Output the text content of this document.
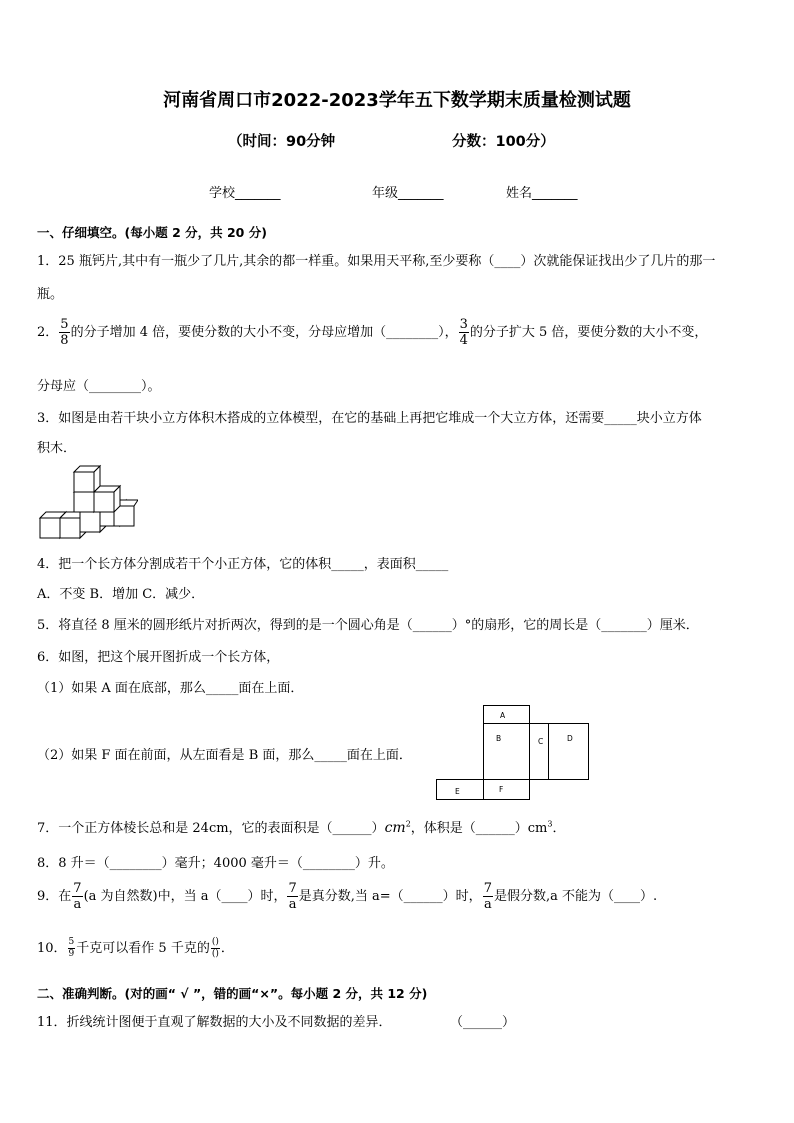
河南省周口市2022-2023学年五下数学期末质量检测试题
（时间：90分钟	分数：100分）
学校_______	年级_______	姓名_______
一、仔细填空。(每小题 2 分，共 20 分)
1．25 瓶钙片,其中有一瓶少了几片,其余的都一样重。如果用天平称,至少要称（____）次就能保证找出少了几片的那一
瓶。
2． $\frac{5}{8}$ 的分子增加 4 倍，要使分数的大小不变，分母应增加（________）， $\frac{3}{4}$ 的分子扩大 5 倍，要使分数的大小不变，
分母应（________）。
3．如图是由若干块小立方体积木搭成的立体模型，在它的基础上再把它堆成一个大立方体，还需要_____块小立方体
积木．
4．把一个长方体分割成若干个小正方体，它的体积_____，表面积_____
A．不变 B．增加 C．减少．
5．将直径 8 厘米的圆形纸片对折两次，得到的是一个圆心角是（______）°的扇形，它的周长是（_______）厘米．
6．如图，把这个展开图折成一个长方体，
（1）如果 A 面在底部，那么_____面在上面．
（2）如果 F 面在前面，从左面看是 B 面，那么_____面在上面．
A
B	C	D
E	F
7．一个正方体棱长总和是 24cm，它的表面积是$(\_\_\_\_\_\_)cm^2$，体积是$(\_\_\_\_\_\_)cm^3$．
8．8 升＝（________）毫升；4000 毫升＝（________）升。
9．在 $\frac{7}{a} (a$ 为自然数)中，当 a（____）时， $\frac{7}{a}$ 是真分数,当 a=（______）时， $\frac{7}{a}$ 是假分数,a 不能为（____）.
10． $\frac{5}{9}$ 千克可以看作 5 千克的 $\frac{()}{()}$ ．
二、准确判断。(对的画“ √ ”，错的画“×”。每小题 2 分，共 12 分)
11．折线统计图便于直观了解数据的大小及不同数据的差异．	（______）
